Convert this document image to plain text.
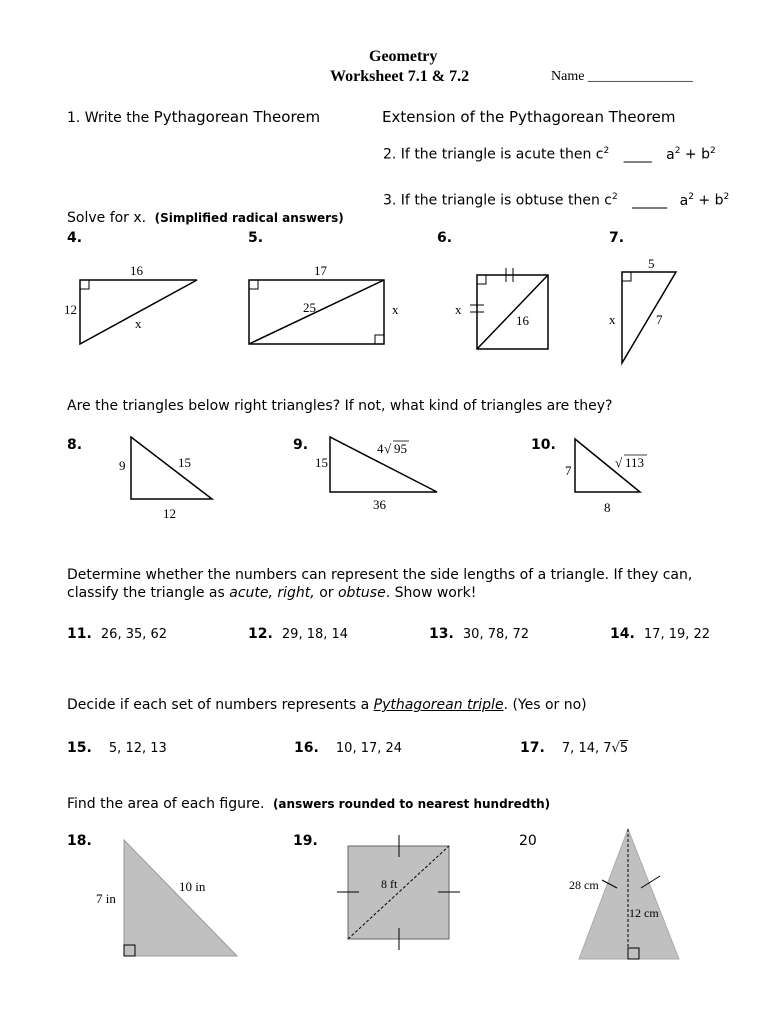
Geometry
Worksheet 7.1 & 7.2	Name _______________
1. Write the Pythagorean Theorem	Extension of the Pythagorean Theorem
2. If the triangle is acute then $c^2$ ____ $a^2 + b^2$
3. If the triangle is obtuse then $c^2$ _____ $a^2 + b^2$
Solve for x. (Simplified radical answers)
4.	5.	6.	7.
16
12
x
17
25	x	x
16
5
x	7
9	15
12
15
4 √ 95
36
7
√ 113
8
7 in
10 in	8 ft	28 cm
12 cm
Are the triangles below right triangles? If not, what kind of triangles are they?
8.	9.	10.
Determine whether the numbers can represent the side lengths of a triangle. If they can,
classify the triangle as acute, right, or obtuse. Show work!
11. 26, 35, 62	12. 29, 18, 14	13. 30, 78, 72	14. 17, 19, 22
Decide if each set of numbers represents a Pythagorean triple. (Yes or no)
15. 5, 12, 13	16. 10, 17, 24	17. 7, 14, 7√5
Find the area of each figure. (answers rounded to nearest hundredth)
18.	19.	20
